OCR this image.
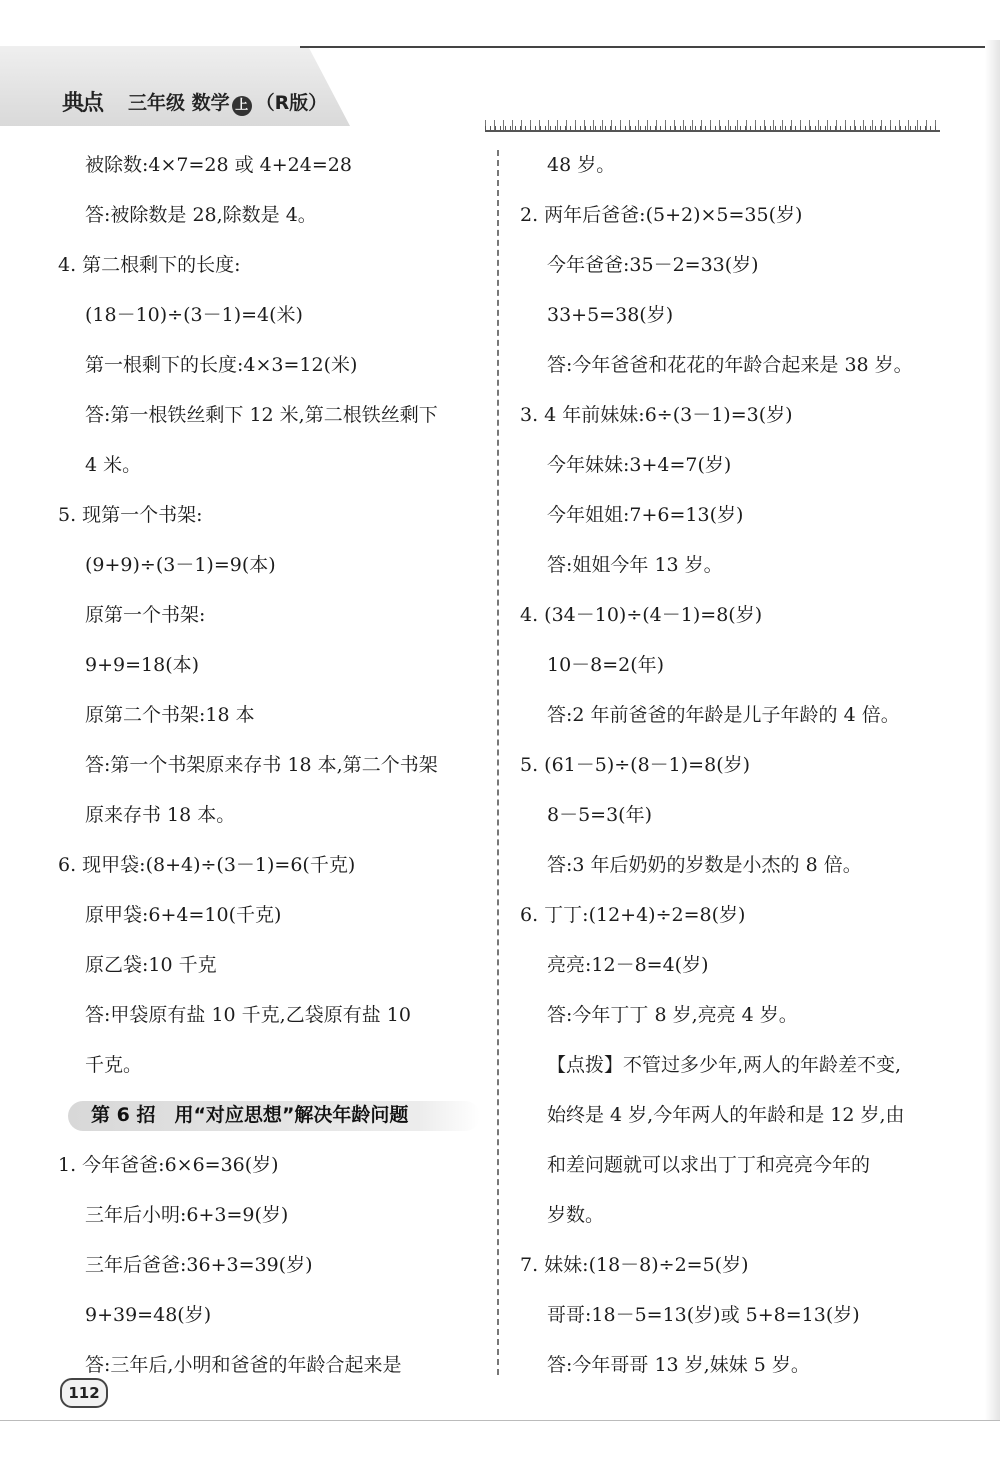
典点	三年级 数学 上 （R版）
被除数:4×7=28 或 4+24=28
答:被除数是 28,除数是 4。
4. 第二根剩下的长度:
(18－10)÷(3－1)=4(米)
第一根剩下的长度:4×3=12(米)
答:第一根铁丝剩下 12 米,第二根铁丝剩下
4 米。
5. 现第一个书架:
(9+9)÷(3－1)=9(本)
原第一个书架:
9+9=18(本)
原第二个书架:18 本
答:第一个书架原来存书 18 本,第二个书架
原来存书 18 本。
6. 现甲袋:(8+4)÷(3－1)=6(千克)
原甲袋:6+4=10(千克)
原乙袋:10 千克
答:甲袋原有盐 10 千克,乙袋原有盐 10
千克。
第 6 招　用“对应思想”解决年龄问题
1. 今年爸爸:6×6=36(岁)
三年后小明:6+3=9(岁)
三年后爸爸:36+3=39(岁)
9+39=48(岁)
答:三年后,小明和爸爸的年龄合起来是
48 岁。
2. 两年后爸爸:(5+2)×5=35(岁)
今年爸爸:35－2=33(岁)
33+5=38(岁)
答:今年爸爸和花花的年龄合起来是 38 岁。
3. 4 年前妹妹:6÷(3－1)=3(岁)
今年妹妹:3+4=7(岁)
今年姐姐:7+6=13(岁)
答:姐姐今年 13 岁。
4. (34－10)÷(4－1)=8(岁)
10－8=2(年)
答:2 年前爸爸的年龄是儿子年龄的 4 倍。
5. (61－5)÷(8－1)=8(岁)
8－5=3(年)
答:3 年后奶奶的岁数是小杰的 8 倍。
6. 丁丁:(12+4)÷2=8(岁)
亮亮:12－8=4(岁)
答:今年丁丁 8 岁,亮亮 4 岁。
【点拨】不管过多少年,两人的年龄差不变,
始终是 4 岁,今年两人的年龄和是 12 岁,由
和差问题就可以求出丁丁和亮亮今年的
岁数。
7. 妹妹:(18－8)÷2=5(岁)
哥哥:18－5=13(岁)或 5+8=13(岁)
答:今年哥哥 13 岁,妹妹 5 岁。
112
